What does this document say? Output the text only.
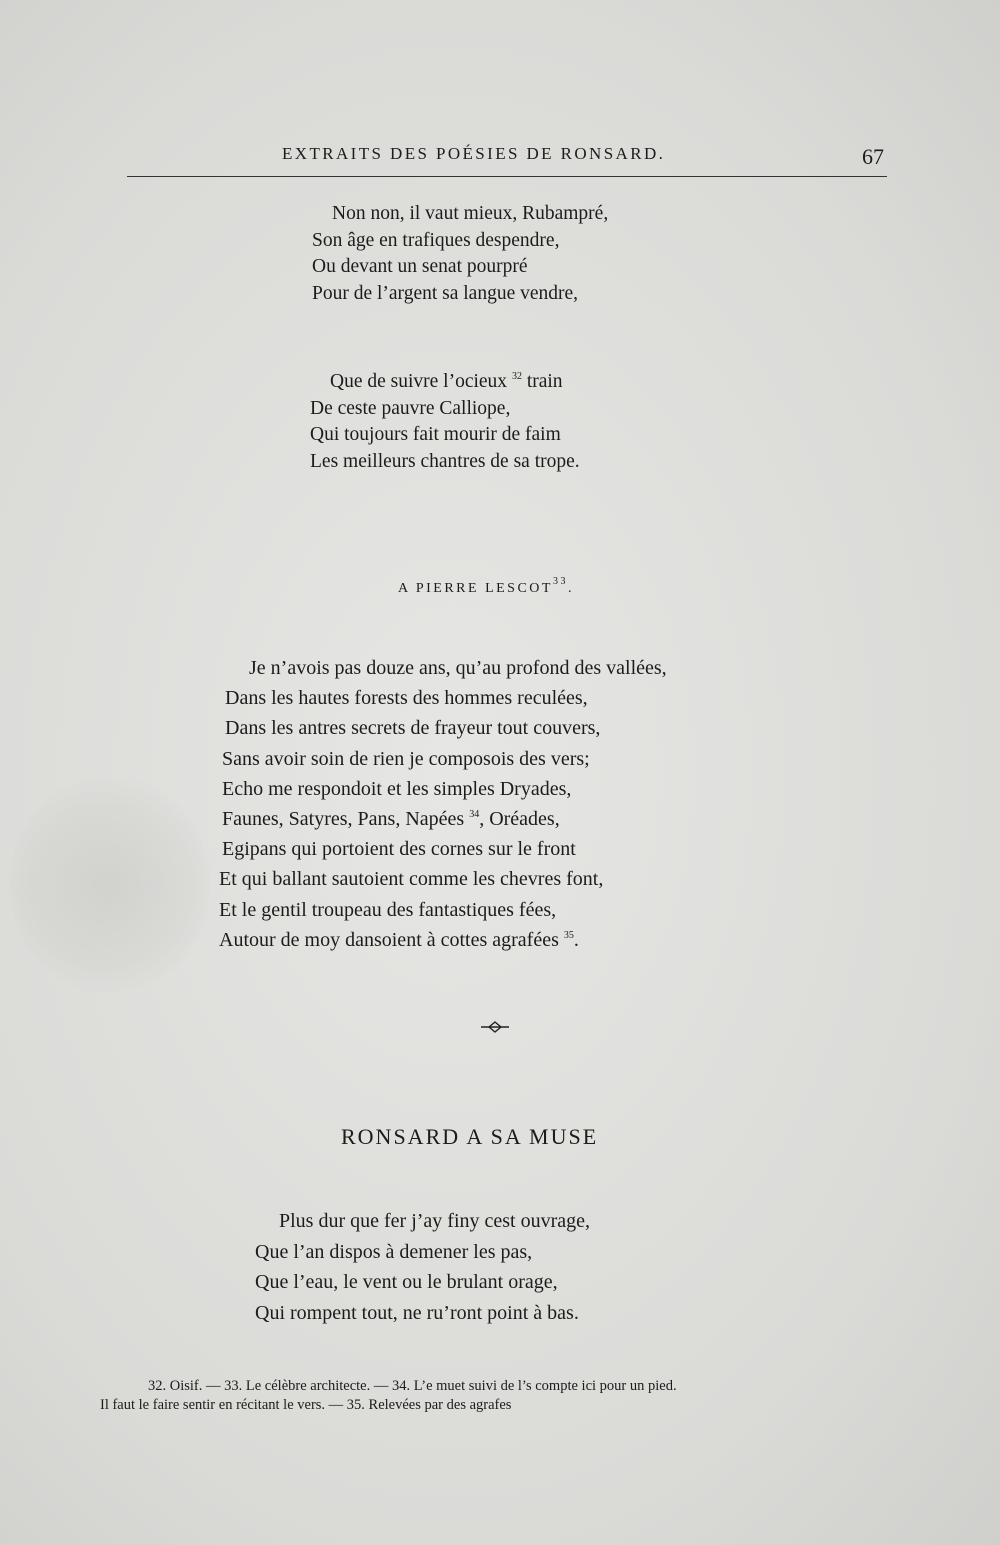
EXTRAITS DES POÉSIES DE RONSARD.	67
Non non, il vaut mieux, Rubampré,
Son âge en trafiques despendre,
Ou devant un senat pourpré
Pour de l’argent sa langue vendre,
Que de suivre l’ocieux $^{32}$ train
De ceste pauvre Calliope,
Qui toujours fait mourir de faim
Les meilleurs chantres de sa trope.
A PIERRE LESCOT$^{33}$.
Je n’avois pas douze ans, qu’au profond des vallées,
Dans les hautes forests des hommes reculées,
Dans les antres secrets de frayeur tout couvers,
Sans avoir soin de rien je composois des vers;
Echo me respondoit et les simples Dryades,
Faunes, Satyres, Pans, Napées $^{34}$, Oréades,
Egipans qui portoient des cornes sur le front
Et qui ballant sautoient comme les chevres font,
Et le gentil troupeau des fantastiques fées,
Autour de moy dansoient à cottes agrafées $^{35}$.
RONSARD A SA MUSE
Plus dur que fer j’ay finy cest ouvrage,
Que l’an dispos à demener les pas,
Que l’eau, le vent ou le brulant orage,
Qui rompent tout, ne ru’ront point à bas.
32. Oisif. — 33. Le célèbre architecte. — 34. L’e muet suivi de l’s compte ici pour un pied.
Il faut le faire sentir en récitant le vers. — 35. Relevées par des agrafes
